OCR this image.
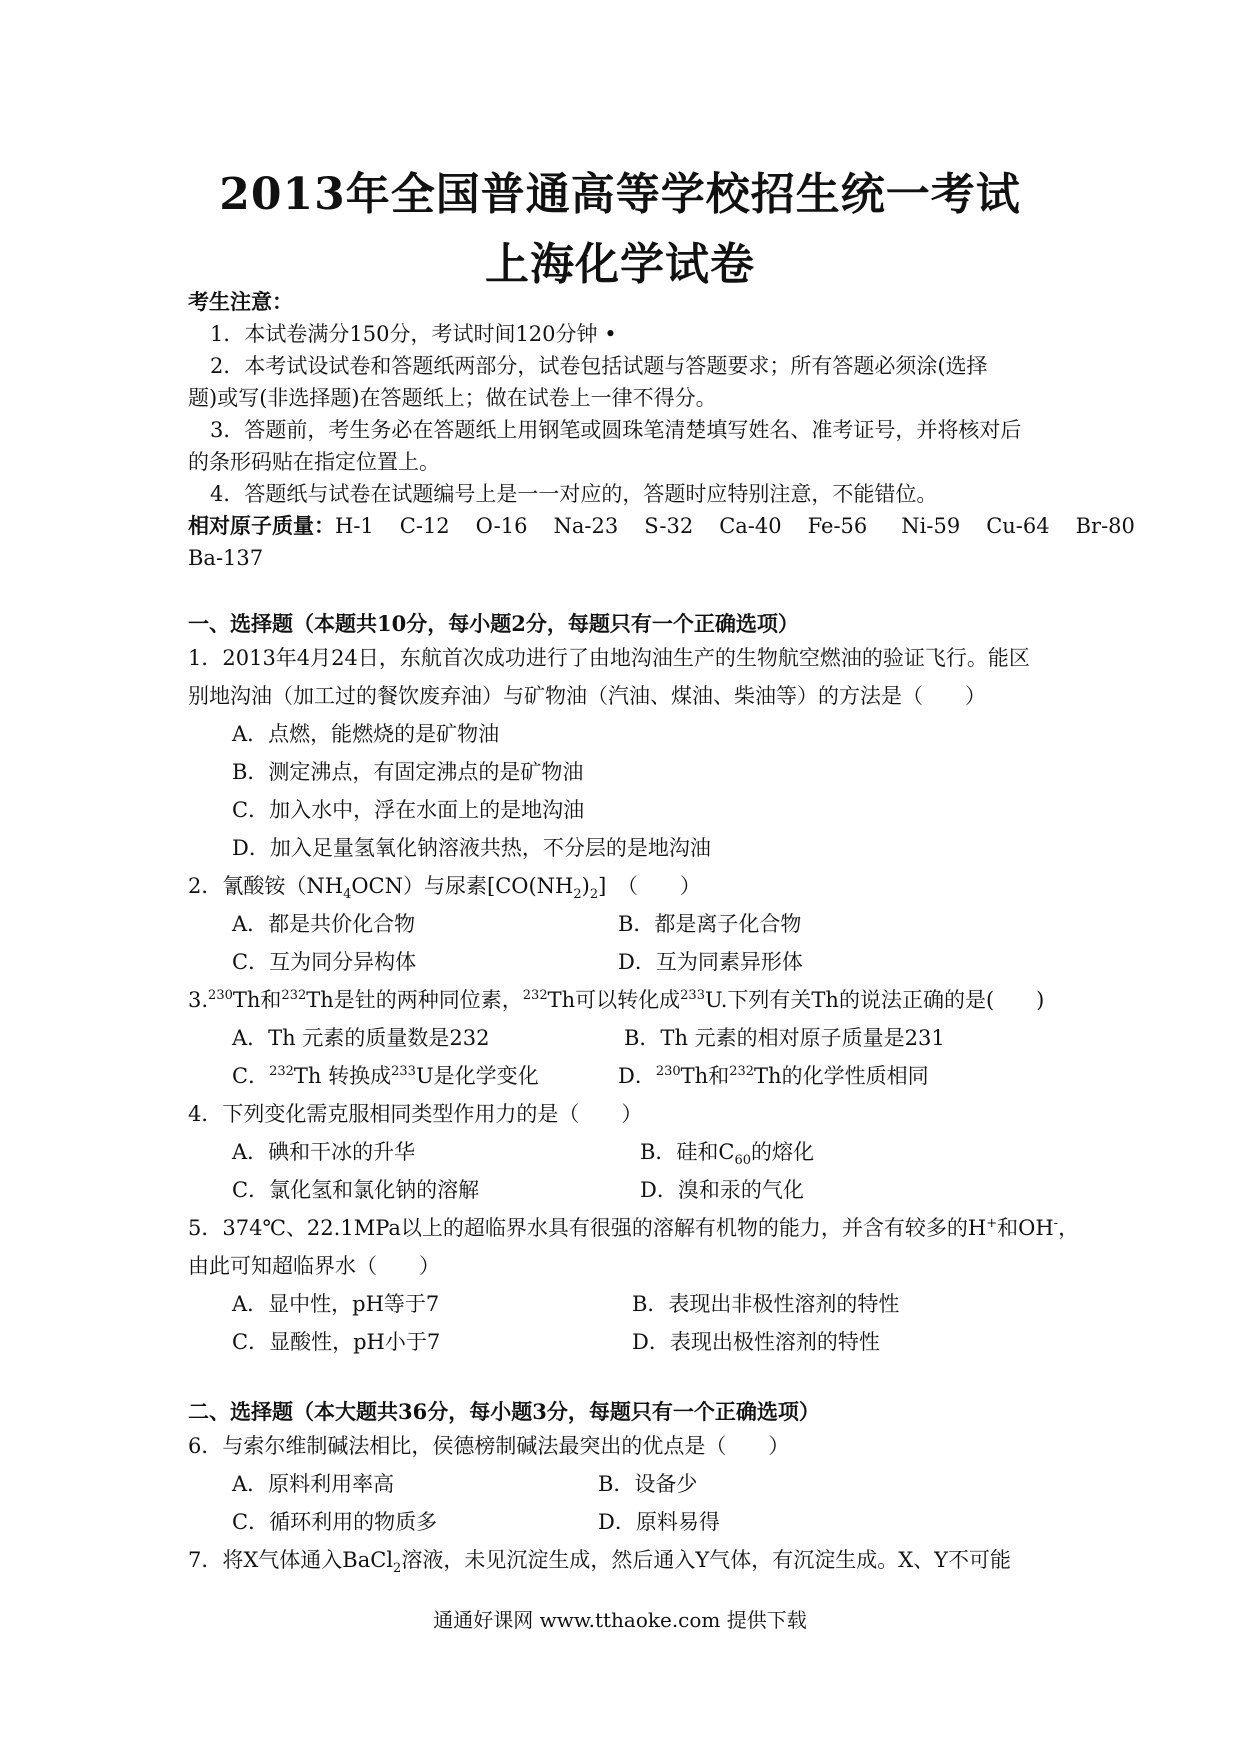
2013年全国普通高等学校招生统一考试
上海化学试卷
考生注意：
1．本试卷满分150分，考试时间120分钟 •
2．本考试设试卷和答题纸两部分，试卷包括试题与答题要求；所有答题必须涂(选择
题)或写(非选择题)在答题纸上；做在试卷上一律不得分。
3．答题前，考生务必在答题纸上用钢笔或圆珠笔清楚填写姓名、准考证号，并将核对后
的条形码贴在指定位置上。
4．答题纸与试卷在试题编号上是一一对应的，答题时应特别注意，不能错位。
相对原子质量：H-1 C-12 O-16 Na-23 S-32 Ca-40 Fe-56 Ni-59 Cu-64 Br-80
Ba-137
一、选择题（本题共10分，每小题2分，每题只有一个正确选项）
1．2013年4月24日，东航首次成功进行了由地沟油生产的生物航空燃油的验证飞行。能区
别地沟油（加工过的餐饮废弃油）与矿物油（汽油、煤油、柴油等）的方法是（　　）
A．点燃，能燃烧的是矿物油
B．测定沸点，有固定沸点的是矿物油
C．加入水中，浮在水面上的是地沟油
D．加入足量氢氧化钠溶液共热，不分层的是地沟油
2．氰酸铵$(NH_4OCN)$与尿素$[CO(NH_2)_2]$　（　　）
A．都是共价化合物	B．都是离子化合物
C．互为同分异构体	D．互为同素异形体
3.$^{230}$Th和$^{232}$Th是钍的两种同位素，$^{232}$Th可以转化成$^{233}$U.下列有关Th的说法正确的是(　　)
A．Th 元素的质量数是232	B．Th 元素的相对原子质量是231
C．$^{232}$Th 转换成$^{233}$U是化学变化	D．$^{230}$Th和$^{232}$Th的化学性质相同
4．下列变化需克服相同类型作用力的是（　　）
A．碘和干冰的升华	B．硅和$C_{60}$的熔化
C．氯化氢和氯化钠的溶解	D．溴和汞的气化
5．374℃、22.1MPa以上的超临界水具有很强的溶解有机物的能力，并含有较多的H+和OH-，
由此可知超临界水（　　）
A．显中性，pH等于7	B．表现出非极性溶剂的特性
C．显酸性，pH小于7	D．表现出极性溶剂的特性
二、选择题（本大题共36分，每小题3分，每题只有一个正确选项）
6．与索尔维制碱法相比，侯德榜制碱法最突出的优点是（　　）
A．原料利用率高	B．设备少
C．循环利用的物质多	D．原料易得
7．将X气体通入BaCl$_2$溶液，未见沉淀生成，然后通入Y气体，有沉淀生成。X、Y不可能
通通好课网 www.tthaoke.com 提供下载
